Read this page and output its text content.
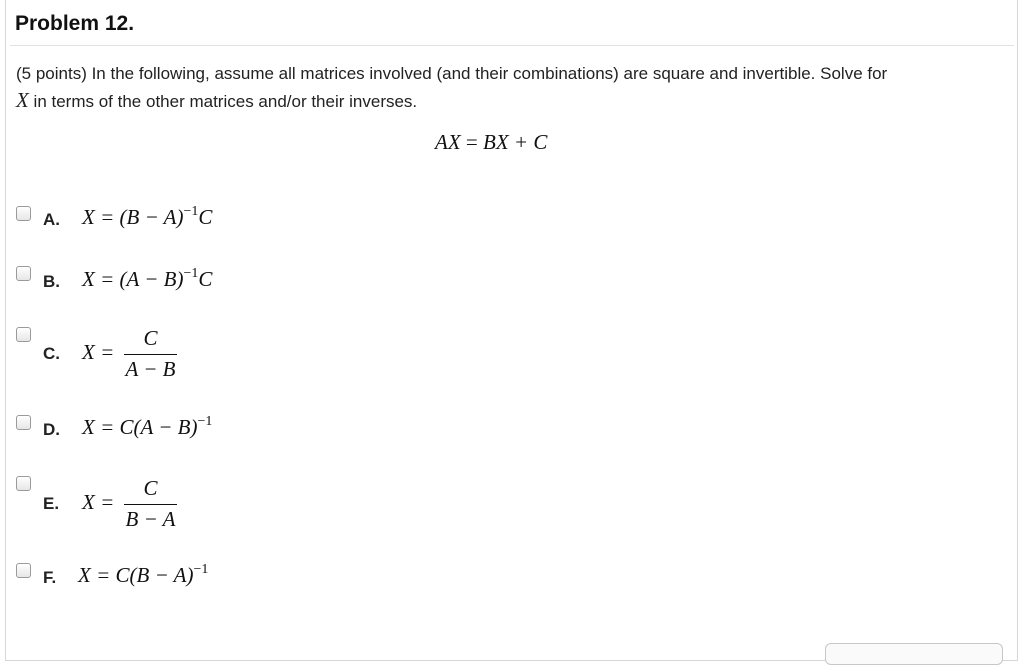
Problem 12.
(5 points) In the following, assume all matrices involved (and their combinations) are square and invertible. Solve for
X in terms of the other matrices and/or their inverses.
AX = BX + C
A. $X = (B - A)^{-1}C$
B. $X = (A - B)^{-1}C$
C. $X = \frac{C}{A - B}$
D. $X = C(A - B)^{-1}$
E. $X = \frac{C}{B - A}$
F. $X = C(B - A)^{-1}$
